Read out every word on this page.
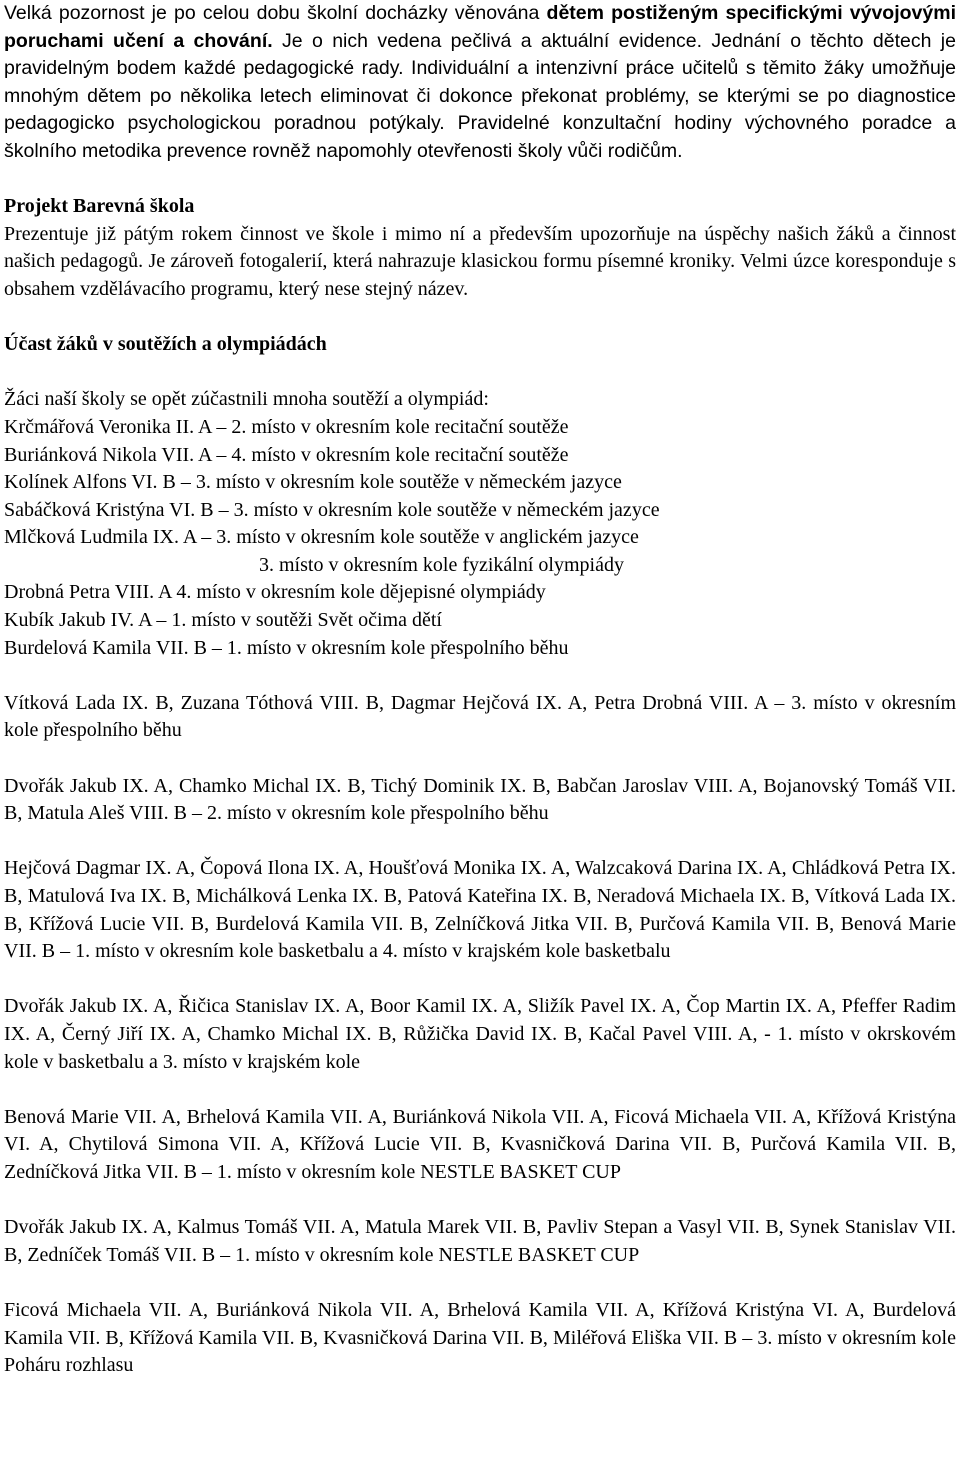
Velká pozornost je po celou dobu školní docházky věnována dětem postiženým specifickými vývojovými poruchami učení a chování. Je o nich vedena pečlivá a aktuální evidence. Jednání o těchto dětech je pravidelným bodem každé pedagogické rady. Individuální a intenzivní práce učitelů s těmito žáky umožňuje mnohým dětem po několika letech eliminovat či dokonce překonat problémy, se kterými se po diagnostice pedagogicko psychologickou poradnou potýkaly. Pravidelné konzultační hodiny výchovného poradce a školního metodika prevence rovněž napomohly otevřenosti školy vůči rodičům.

Projekt Barevná škola

Prezentuje již pátým rokem činnost ve škole i mimo ní a především upozorňuje na úspěchy našich žáků a činnost našich pedagogů. Je zároveň fotogalerií, která nahrazuje klasickou formu písemné kroniky. Velmi úzce koresponduje s obsahem vzdělávacího programu, který nese stejný název.

Účast žáků v soutěžích a olympiádách

Žáci naší školy se opět zúčastnili mnoha soutěží a olympiád:

Krčmářová Veronika II. A – 2. místo v okresním kole recitační soutěže

Buriánková Nikola VII. A – 4. místo v okresním kole recitační soutěže

Kolínek Alfons VI. B – 3. místo v okresním kole soutěže v německém jazyce

Sabáčková Kristýna VI. B – 3. místo v okresním kole soutěže v německém jazyce

Mlčková Ludmila IX. A – 3. místo v okresním kole soutěže v anglickém jazyce

3. místo v okresním kole fyzikální olympiády

Drobná Petra VIII. A 4. místo v okresním kole dějepisné olympiády

Kubík Jakub IV. A – 1. místo v soutěži Svět očima dětí

Burdelová Kamila VII. B – 1. místo v okresním kole přespolního běhu

Vítková Lada IX. B, Zuzana Tóthová VIII. B, Dagmar Hejčová IX. A, Petra Drobná VIII. A – 3. místo v okresním kole přespolního běhu

Dvořák Jakub IX. A, Chamko Michal IX. B, Tichý Dominik IX. B, Babčan Jaroslav VIII. A, Bojanovský Tomáš VII. B, Matula Aleš VIII. B – 2. místo v okresním kole přespolního běhu

Hejčová Dagmar IX. A, Čopová Ilona IX. A, Houšťová Monika IX. A, Walzcaková Darina IX. A, Chládková Petra IX. B, Matulová Iva IX. B, Michálková Lenka IX. B, Patová Kateřina IX. B, Neradová Michaela IX. B, Vítková Lada IX. B, Křížová Lucie VII. B, Burdelová Kamila VII. B, Zelníčková Jitka VII. B, Purčová Kamila VII. B, Benová Marie VII. B – 1. místo v okresním kole basketbalu a 4. místo v krajském kole basketbalu

Dvořák Jakub IX. A, Řičica Stanislav IX. A, Boor Kamil IX. A, Sližík Pavel IX. A, Čop Martin IX. A, Pfeffer Radim IX. A, Černý Jiří IX. A, Chamko Michal IX. B, Růžička David IX. B, Kačal Pavel VIII. A, - 1. místo v okrskovém kole v basketbalu a 3. místo v krajském kole

Benová Marie VII. A, Brhelová Kamila VII. A, Buriánková Nikola VII. A, Ficová Michaela VII. A, Křížová Kristýna VI. A, Chytilová Simona VII. A, Křížová Lucie VII. B, Kvasničková Darina VII. B, Purčová Kamila VII. B, Zedníčková Jitka VII. B – 1. místo v okresním kole NESTLE BASKET CUP

Dvořák Jakub IX. A, Kalmus Tomáš VII. A, Matula Marek VII. B, Pavliv Stepan a Vasyl VII. B, Synek Stanislav VII. B, Zedníček Tomáš VII. B – 1. místo v okresním kole NESTLE BASKET CUP

Ficová Michaela VII. A, Buriánková Nikola VII. A, Brhelová Kamila VII. A, Křížová Kristýna VI. A, Burdelová Kamila VII. B, Křížová Kamila VII. B, Kvasničková Darina VII. B, Miléřová Eliška VII. B – 3. místo v okresním kole Poháru rozhlasu
